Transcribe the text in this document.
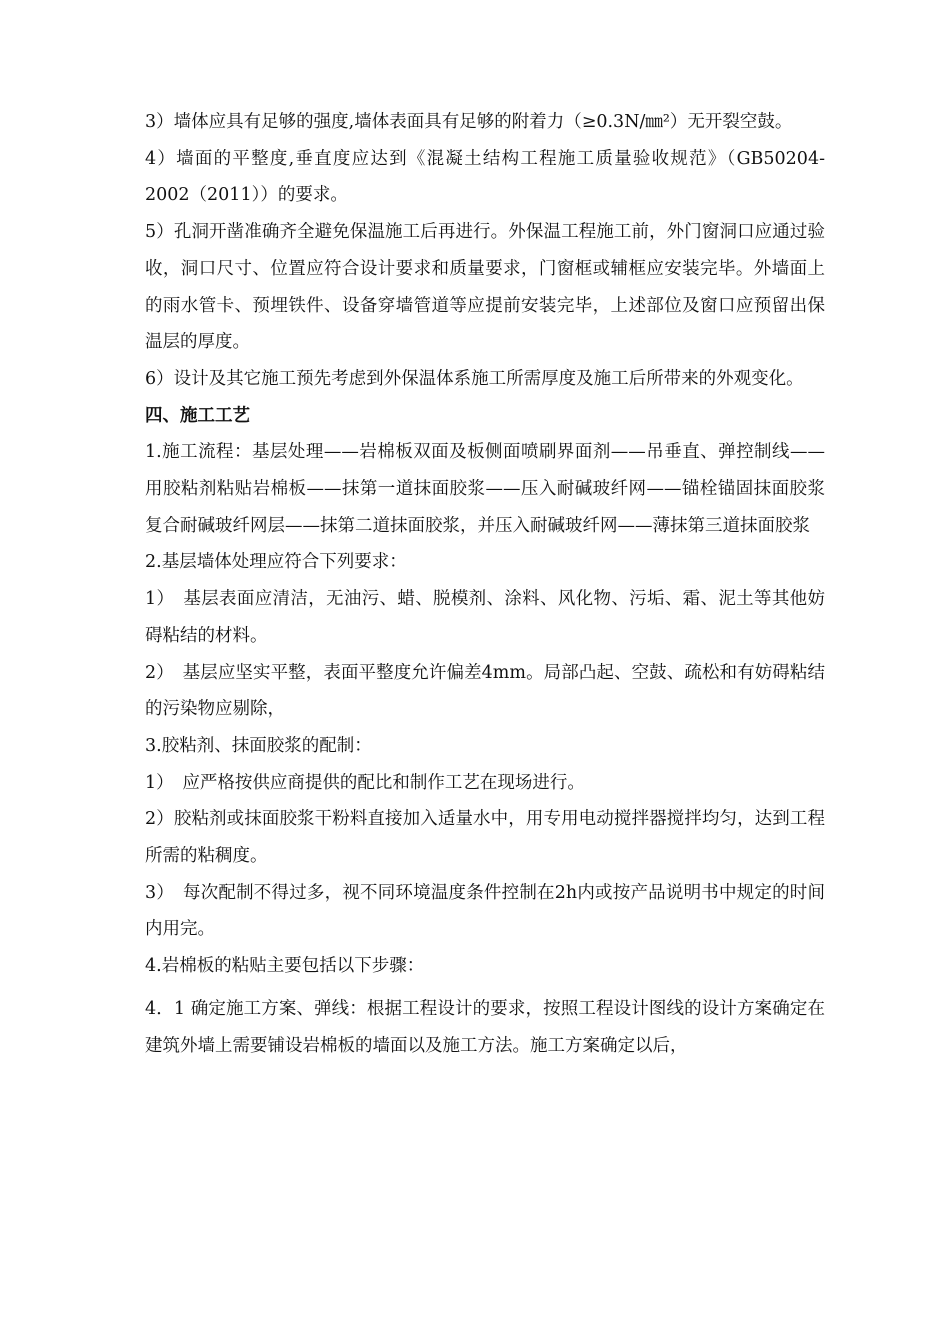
3）墙体应具有足够的强度,墙体表面具有足够的附着力（≥0.3N/㎜²）无开裂空鼓。

4）墙面的平整度,垂直度应达到《混凝土结构工程施工质量验收规范》（GB50204-2002（2011））的要求。

5）孔洞开凿准确齐全避免保温施工后再进行。外保温工程施工前，外门窗洞口应通过验收，洞口尺寸、位置应符合设计要求和质量要求，门窗框或辅框应安装完毕。外墙面上的雨水管卡、预埋铁件、设备穿墙管道等应提前安装完毕，上述部位及窗口应预留出保温层的厚度。

6）设计及其它施工预先考虑到外保温体系施工所需厚度及施工后所带来的外观变化。

四、施工工艺

1.施工流程：基层处理——岩棉板双面及板侧面喷刷界面剂——吊垂直、弹控制线——用胶粘剂粘贴岩棉板——抹第一道抹面胶浆——压入耐碱玻纤网——锚栓锚固抹面胶浆复合耐碱玻纤网层——抹第二道抹面胶浆，并压入耐碱玻纤网——薄抹第三道抹面胶浆

2.基层墙体处理应符合下列要求：

1）　基层表面应清洁，无油污、蜡、脱模剂、涂料、风化物、污垢、霜、泥土等其他妨碍粘结的材料。

2）　基层应坚实平整，表面平整度允许偏差4mm。局部凸起、空鼓、疏松和有妨碍粘结的污染物应剔除，

3.胶粘剂、抹面胶浆的配制：

1）　应严格按供应商提供的配比和制作工艺在现场进行。

2）胶粘剂或抹面胶浆干粉料直接加入适量水中，用专用电动搅拌器搅拌均匀，达到工程所需的粘稠度。

3）　每次配制不得过多，视不同环境温度条件控制在2h内或按产品说明书中规定的时间内用完。

4.岩棉板的粘贴主要包括以下步骤：

4．1 确定施工方案、弹线：根据工程设计的要求，按照工程设计图线的设计方案确定在建筑外墙上需要铺设岩棉板的墙面以及施工方法。施工方案确定以后，
